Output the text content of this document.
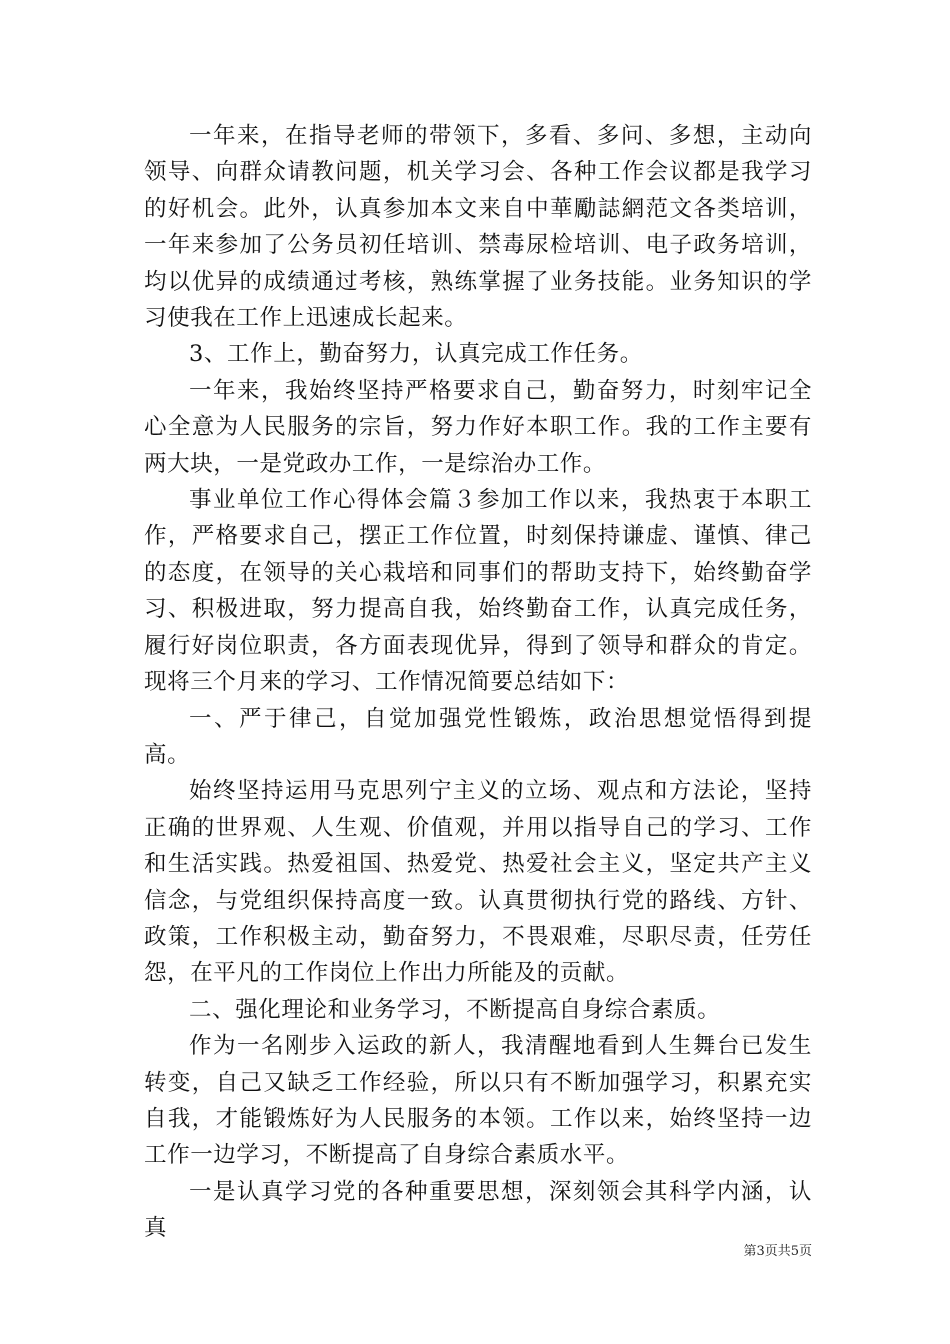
一年来，在指导老师的带领下，多看、多问、多想，主动向领导、向群众请教问题，机关学习会、各种工作会议都是我学习的好机会。此外，认真参加本文来自中華勵誌網范文各类培训，一年来参加了公务员初任培训、禁毒尿检培训、电子政务培训，均以优异的成绩通过考核，熟练掌握了业务技能。业务知识的学习使我在工作上迅速成长起来。

3、工作上，勤奋努力，认真完成工作任务。

一年来，我始终坚持严格要求自己，勤奋努力，时刻牢记全心全意为人民服务的宗旨，努力作好本职工作。我的工作主要有两大块，一是党政办工作，一是综治办工作。

事业单位工作心得体会篇３参加工作以来，我热衷于本职工作，严格要求自己，摆正工作位置，时刻保持谦虚、谨慎、律己的态度，在领导的关心栽培和同事们的帮助支持下，始终勤奋学习、积极进取，努力提高自我，始终勤奋工作，认真完成任务，履行好岗位职责，各方面表现优异，得到了领导和群众的肯定。现将三个月来的学习、工作情况简要总结如下：

一、严于律己，自觉加强党性锻炼，政治思想觉悟得到提高。

始终坚持运用马克思列宁主义的立场、观点和方法论，坚持正确的世界观、人生观、价值观，并用以指导自己的学习、工作和生活实践。热爱祖国、热爱党、热爱社会主义，坚定共产主义信念，与党组织保持高度一致。认真贯彻执行党的路线、方针、政策，工作积极主动，勤奋努力，不畏艰难，尽职尽责，任劳任怨，在平凡的工作岗位上作出力所能及的贡献。

二、强化理论和业务学习，不断提高自身综合素质。

作为一名刚步入运政的新人，我清醒地看到人生舞台已发生转变，自己又缺乏工作经验，所以只有不断加强学习，积累充实自我，才能锻炼好为人民服务的本领。工作以来，始终坚持一边工作一边学习，不断提高了自身综合素质水平。

一是认真学习党的各种重要思想，深刻领会其科学内涵，认真

第3页共5页
